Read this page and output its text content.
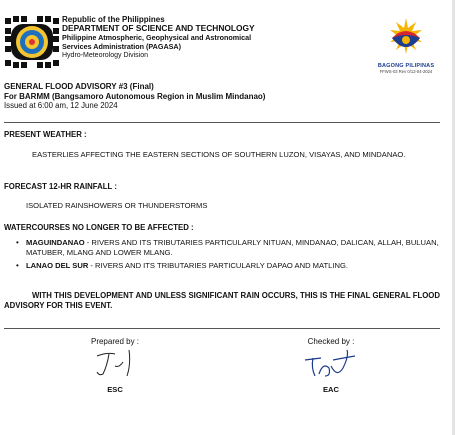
Republic of the Philippines
DEPARTMENT OF SCIENCE AND TECHNOLOGY
Philippine Atmospheric, Geophysical and Astronomical
Services Administration (PAGASA)
Hydro-Meteorology Division
BAGONG PILIPINAS
FFWS-03 Rev 0/12-04-2024
GENERAL FLOOD ADVISORY #3 (Final)
For BARMM (Bangsamoro Autonomous Region in Muslim Mindanao)
Issued at 6:00 am, 12 June 2024
PRESENT WEATHER :
EASTERLIES AFFECTING THE EASTERN SECTIONS OF SOUTHERN LUZON, VISAYAS, AND MINDANAO.
FORECAST 12-HR RAINFALL :
ISOLATED RAINSHOWERS OR THUNDERSTORMS
WATERCOURSES NO LONGER TO BE AFFECTED :
• MAGUINDANAO - RIVERS AND ITS TRIBUTARIES PARTICULARLY NITUAN, MINDANAO, DALICAN, ALLAH, BULUAN, MATUBER, MLANG AND LOWER MLANG.
• LANAO DEL SUR - RIVERS AND ITS TRIBUTARIES PARTICULARLY DAPAO AND MATLING.
WITH THIS DEVELOPMENT AND UNLESS SIGNIFICANT RAIN OCCURS, THIS IS THE FINAL GENERAL FLOOD ADVISORY FOR THIS EVENT.
Prepared by :
ESC
Checked by :
EAC
